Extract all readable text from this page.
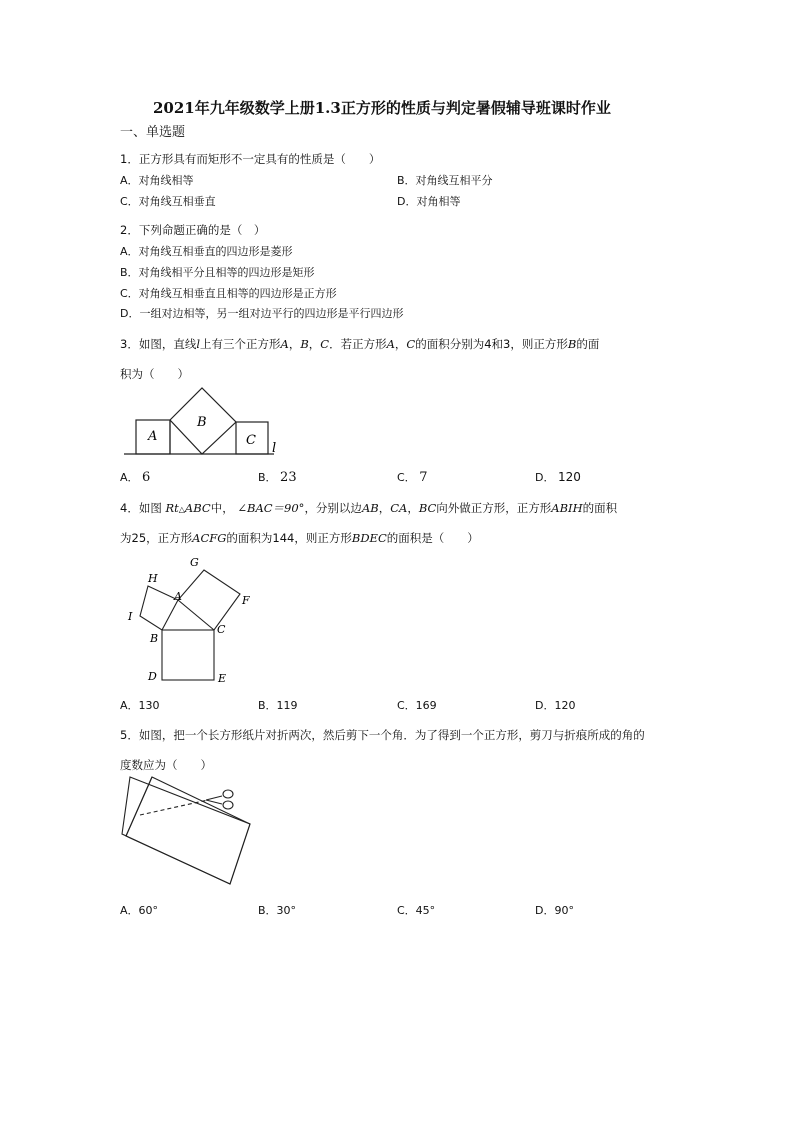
2021年九年级数学上册1.3正方形的性质与判定暑假辅导班课时作业
一、单选题
1．正方形具有而矩形不一定具有的性质是（　　）
A．对角线相等	B．对角线互相平分
C．对角线互相垂直	D．对角相等
2．下列命题正确的是（　）
A．对角线互相垂直的四边形是菱形
B．对角线相平分且相等的四边形是矩形
C．对角线互相垂直且相等的四边形是正方形
D．一组对边相等，另一组对边平行的四边形是平行四边形
3．如图，直线l上有三个正方形A，B，C．若正方形A，C的面积分别为4和3，则正方形B的面
积为（　　）
A
B
C
l
A． 6	B． 23	C． 7	D． 120
4．如图 Rt△ABC中， ∠BAC＝90°，分别以边AB，CA，BC向外做正方形，正方形ABIH的面积
为25，正方形ACFG的面积为144，则正方形BDEC的面积是（　　）
H
G
A	F
I
B
C
D	E
A．130	B．119	C．169	D．120
5．如图，把一个长方形纸片对折两次，然后剪下一个角．为了得到一个正方形，剪刀与折痕所成的角的
度数应为（　　）
A．60°	B．30°	C．45°	D．90°
